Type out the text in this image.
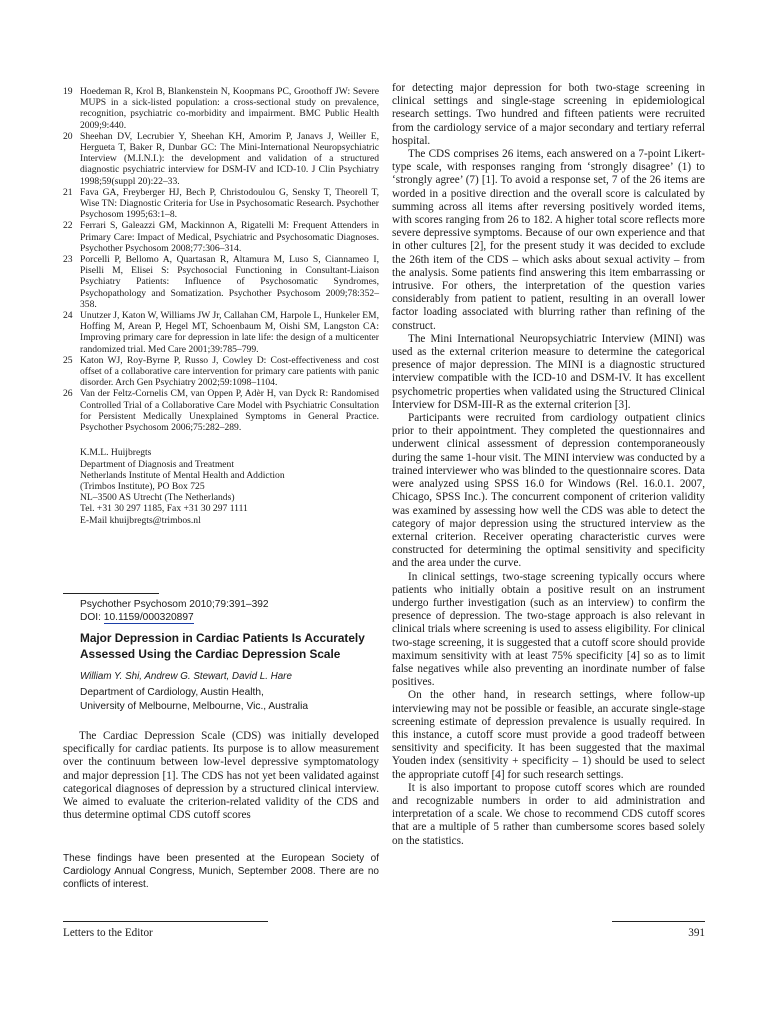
19 Hoedeman R, Krol B, Blankenstein N, Koopmans PC, Groothoff JW: Severe MUPS in a sick-listed population: a cross-sectional study on prevalence, recognition, psychiatric co-morbidity and impairment. BMC Public Health 2009;9:440.
20 Sheehan DV, Lecrubier Y, Sheehan KH, Amorim P, Janavs J, Weiller E, Hergueta T, Baker R, Dunbar GC: The Mini-International Neuropsychiatric Interview (M.I.N.I.): the development and validation of a structured diagnostic psychiatric interview for DSM-IV and ICD-10. J Clin Psychiatry 1998;59(suppl 20):22–33.
21 Fava GA, Freyberger HJ, Bech P, Christodoulou G, Sensky T, Theorell T, Wise TN: Diagnostic Criteria for Use in Psychosomatic Research. Psychother Psychosom 1995;63:1–8.
22 Ferrari S, Galeazzi GM, Mackinnon A, Rigatelli M: Frequent Attenders in Primary Care: Impact of Medical, Psychiatric and Psychosomatic Diagnoses. Psychother Psychosom 2008;77:306–314.
23 Porcelli P, Bellomo A, Quartasan R, Altamura M, Luso S, Ciannameo I, Piselli M, Elisei S: Psychosocial Functioning in Consultant-Liaison Psychiatry Patients: Influence of Psychosomatic Syndromes, Psychopathology and Somatization. Psychother Psychosom 2009;78:352–358.
24 Unutzer J, Katon W, Williams JW Jr, Callahan CM, Harpole L, Hunkeler EM, Hoffing M, Arean P, Hegel MT, Schoenbaum M, Oishi SM, Langston CA: Improving primary care for depression in late life: the design of a multicenter randomized trial. Med Care 2001;39:785–799.
25 Katon WJ, Roy-Byrne P, Russo J, Cowley D: Cost-effectiveness and cost offset of a collaborative care intervention for primary care patients with panic disorder. Arch Gen Psychiatry 2002;59:1098–1104.
26 Van der Feltz-Cornelis CM, van Oppen P, Adèr H, van Dyck R: Randomised Controlled Trial of a Collaborative Care Model with Psychiatric Consultation for Persistent Medically Unexplained Symptoms in General Practice. Psychother Psychosom 2006;75:282–289.
K.M.L. Huijbregts
Department of Diagnosis and Treatment
Netherlands Institute of Mental Health and Addiction
(Trimbos Institute), PO Box 725
NL–3500 AS Utrecht (The Netherlands)
Tel. +31 30 297 1185, Fax +31 30 297 1111
E-Mail khuijbregts@trimbos.nl
Psychother Psychosom 2010;79:391–392
DOI: 10.1159/000320897
Major Depression in Cardiac Patients Is Accurately Assessed Using the Cardiac Depression Scale
William Y. Shi, Andrew G. Stewart, David L. Hare
Department of Cardiology, Austin Health,
University of Melbourne, Melbourne, Vic., Australia

The Cardiac Depression Scale (CDS) was initially developed specifically for cardiac patients. Its purpose is to allow measurement over the continuum between low-level depressive symptomatology and major depression [1]. The CDS has not yet been validated against categorical diagnoses of depression by a structured clinical interview. We aimed to evaluate the criterion-related validity of the CDS and thus determine optimal CDS cutoff scores

These findings have been presented at the European Society of Cardiology Annual Congress, Munich, September 2008. There are no conflicts of interest.

for detecting major depression for both two-stage screening in clinical settings and single-stage screening in epidemiological research settings. Two hundred and fifteen patients were recruited from the cardiology service of a major secondary and tertiary referral hospital.

The CDS comprises 26 items, each answered on a 7-point Likert-type scale, with responses ranging from ‘strongly disagree’ (1) to ‘strongly agree’ (7) [1]. To avoid a response set, 7 of the 26 items are worded in a positive direction and the overall score is calculated by summing across all items after reversing positively worded items, with scores ranging from 26 to 182. A higher total score reflects more severe depressive symptoms. Because of our own experience and that in other cultures [2], for the present study it was decided to exclude the 26th item of the CDS – which asks about sexual activity – from the analysis. Some patients find answering this item embarrassing or intrusive. For others, the interpretation of the question varies considerably from patient to patient, resulting in an overall lower factor loading associated with blurring rather than refining of the construct.

The Mini International Neuropsychiatric Interview (MINI) was used as the external criterion measure to determine the categorical presence of major depression. The MINI is a diagnostic structured interview compatible with the ICD-10 and DSM-IV. It has excellent psychometric properties when validated using the Structured Clinical Interview for DSM-III-R as the external criterion [3].

Participants were recruited from cardiology outpatient clinics prior to their appointment. They completed the questionnaires and underwent clinical assessment of depression contemporaneously during the same 1-hour visit. The MINI interview was conducted by a trained interviewer who was blinded to the questionnaire scores. Data were analyzed using SPSS 16.0 for Windows (Rel. 16.0.1. 2007, Chicago, SPSS Inc.). The concurrent component of criterion validity was examined by assessing how well the CDS was able to detect the category of major depression using the structured interview as the external criterion. Receiver operating characteristic curves were constructed for determining the optimal sensitivity and specificity and the area under the curve.

In clinical settings, two-stage screening typically occurs where patients who initially obtain a positive result on an instrument undergo further investigation (such as an interview) to confirm the presence of depression. The two-stage approach is also relevant in clinical trials where screening is used to assess eligibility. For clinical two-stage screening, it is suggested that a cutoff score should provide maximum sensitivity with at least 75% specificity [4] so as to limit false negatives while also preventing an inordinate number of false positives.

On the other hand, in research settings, where follow-up interviewing may not be possible or feasible, an accurate single-stage screening estimate of depression prevalence is usually required. In this instance, a cutoff score must provide a good tradeoff between sensitivity and specificity. It has been suggested that the maximal Youden index (sensitivity + specificity – 1) should be used to select the appropriate cutoff [4] for such research settings.

It is also important to propose cutoff scores which are rounded and recognizable numbers in order to aid administration and interpretation of a scale. We chose to recommend CDS cutoff scores that are a multiple of 5 rather than cumbersome scores based solely on the statistics.

Letters to the Editor	391
